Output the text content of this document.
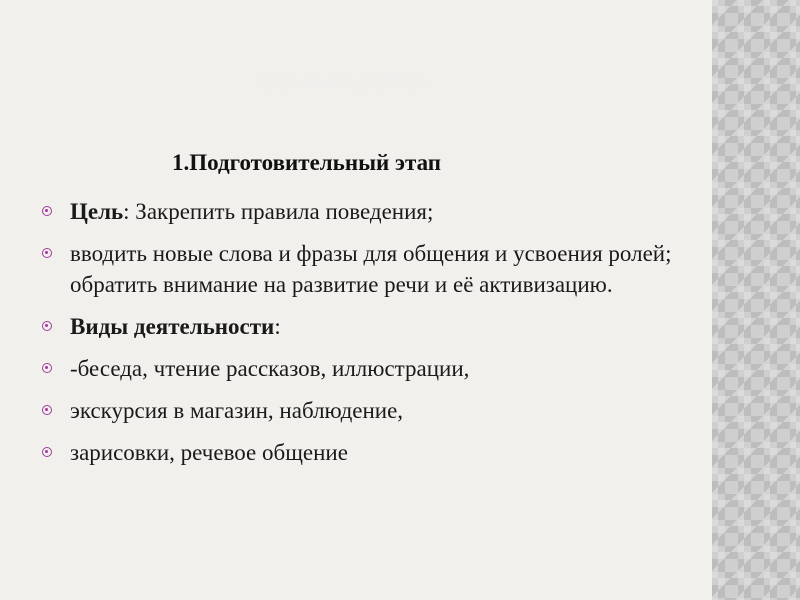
ПЛАН РАБОТЫ
1.Подготовительный этап
Цель: Закрепить правила поведения;
вводить новые слова и фразы для общения и усвоения ролей; обратить внимание на развитие речи и её активизацию.
Виды деятельности:
-беседа, чтение рассказов, иллюстрации,
экскурсия в магазин, наблюдение,
зарисовки, речевое общение
